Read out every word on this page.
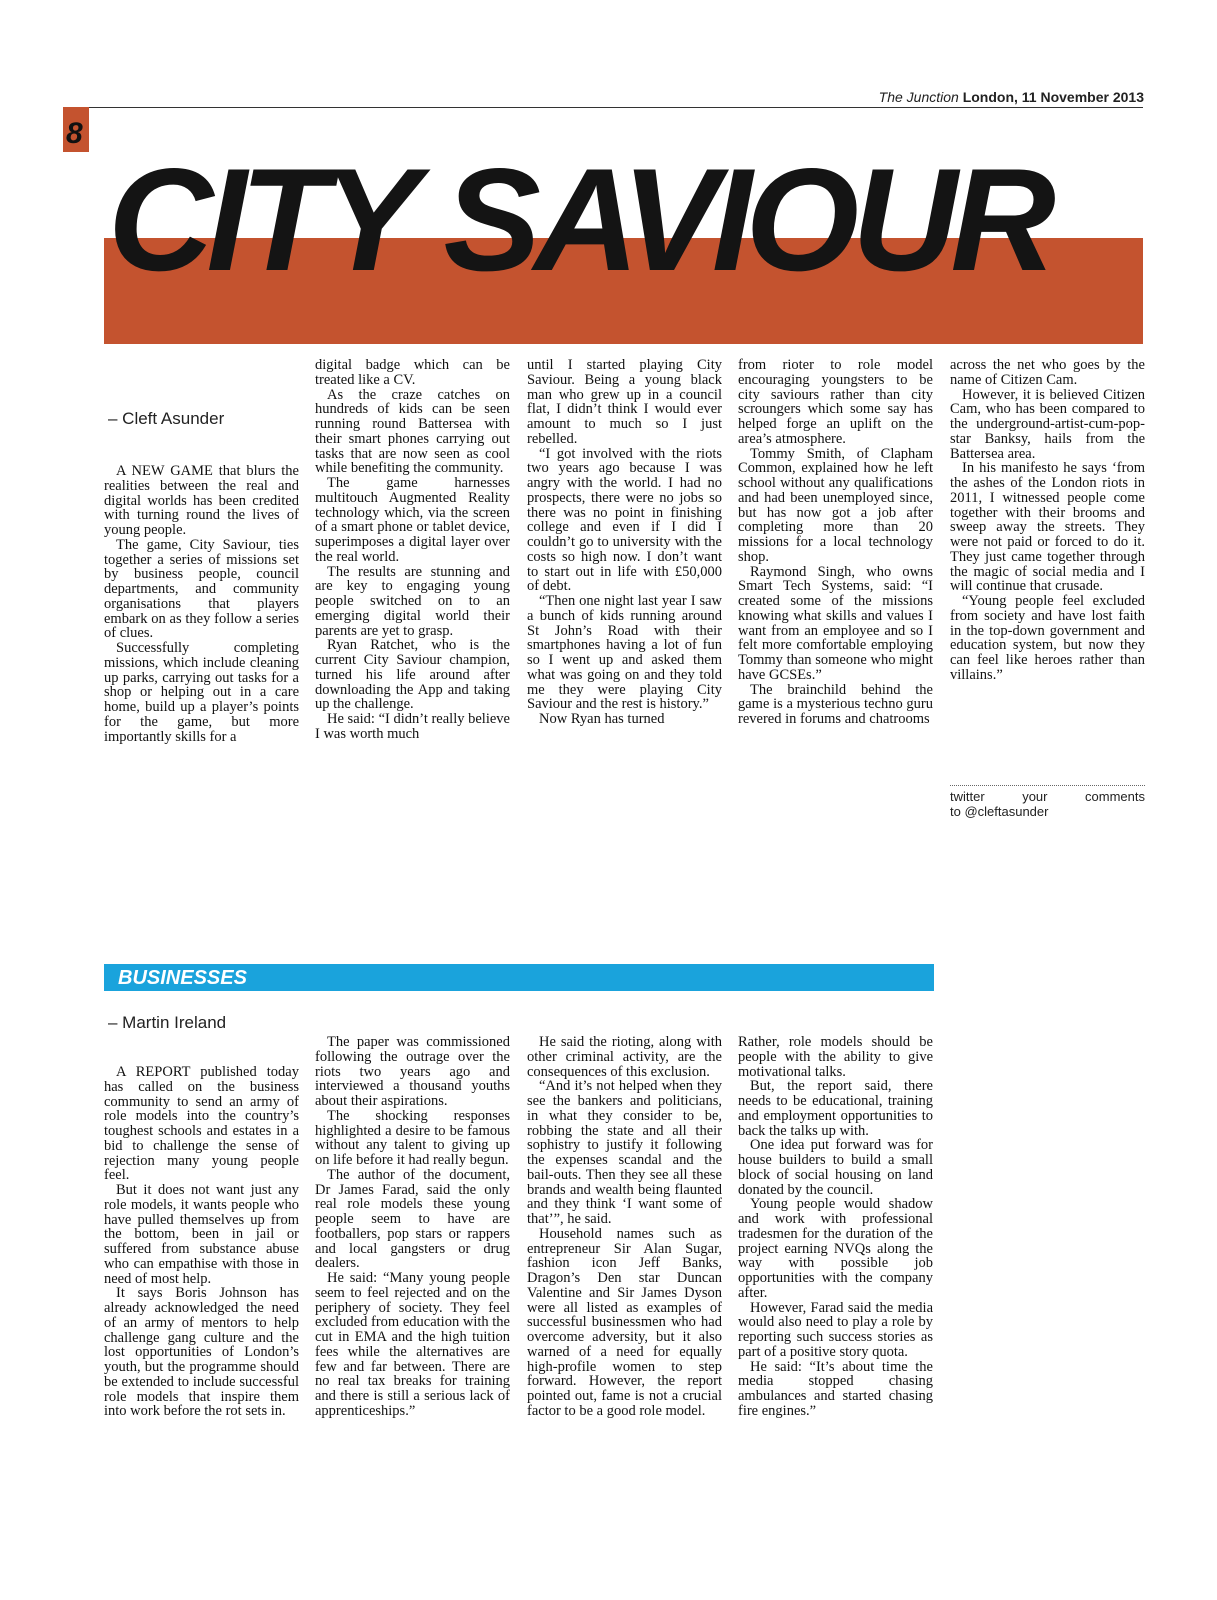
The Junction London, 11 November 2013
8
CITY SAVIOUR
– Cleft Asunder

A NEW GAME that blurs the realities between the real and digital worlds has been credited with turning round the lives of young people.

The game, City Saviour, ties together a series of missions set by business people, council departments, and community organisations that players embark on as they follow a series of clues.

Successfully completing missions, which include cleaning up parks, carrying out tasks for a shop or helping out in a care home, build up a player’s points for the game, but more importantly skills for a

digital badge which can be treated like a CV.

As the craze catches on hundreds of kids can be seen running round Battersea with their smart phones carrying out tasks that are now seen as cool while benefiting the community.

The game harnesses multitouch Augmented Reality technology which, via the screen of a smart phone or tablet device, superimposes a digital layer over the real world.

The results are stunning and are key to engaging young people switched on to an emerging digital world their parents are yet to grasp.

Ryan Ratchet, who is the current City Saviour champion, turned his life around after downloading the App and taking up the challenge.

He said: “I didn’t really believe I was worth much

until I started playing City Saviour. Being a young black man who grew up in a council flat, I didn’t think I would ever amount to much so I just rebelled.

“I got involved with the riots two years ago because I was angry with the world. I had no prospects, there were no jobs so there was no point in finishing college and even if I did I couldn’t go to university with the costs so high now. I don’t want to start out in life with £50,000 of debt.

“Then one night last year I saw a bunch of kids running around St John’s Road with their smartphones having a lot of fun so I went up and asked them what was going on and they told me they were playing City Saviour and the rest is history.”

Now Ryan has turned

from rioter to role model encouraging youngsters to be city saviours rather than city scroungers which some say has helped forge an uplift on the area’s atmosphere.

Tommy Smith, of Clapham Common, explained how he left school without any qualifications and had been unemployed since, but has now got a job after completing more than 20 missions for a local technology shop.

Raymond Singh, who owns Smart Tech Systems, said: “I created some of the missions knowing what skills and values I want from an employee and so I felt more comfortable employing Tommy than someone who might have GCSEs.”

The brainchild behind the game is a mysterious techno guru revered in forums and chatrooms

across the net who goes by the name of Citizen Cam.

However, it is believed Citizen Cam, who has been compared to the underground-artist-cum-pop-star Banksy, hails from the Battersea area.

In his manifesto he says ‘from the ashes of the London riots in 2011, I witnessed people come together with their brooms and sweep away the streets. They were not paid or forced to do it. They just came together through the magic of social media and I will continue that crusade.

“Young people feel excluded from society and have lost faith in the top-down government and education system, but now they can feel like heroes rather than villains.”

twitter your comments
to @cleftasunder
BUSINESSES
– Martin Ireland

A REPORT published today has called on the business community to send an army of role models into the country’s toughest schools and estates in a bid to challenge the sense of rejection many young people feel.

But it does not want just any role models, it wants people who have pulled themselves up from the bottom, been in jail or suffered from substance abuse who can empathise with those in need of most help.

It says Boris Johnson has already acknowledged the need of an army of mentors to help challenge gang culture and the lost opportunities of London’s youth, but the programme should be extended to include successful role models that inspire them into work before the rot sets in.

The paper was commissioned following the outrage over the riots two years ago and interviewed a thousand youths about their aspirations.

The shocking responses highlighted a desire to be famous without any talent to giving up on life before it had really begun.

The author of the document, Dr James Farad, said the only real role models these young people seem to have are footballers, pop stars or rappers and local gangsters or drug dealers.

He said: “Many young people seem to feel rejected and on the periphery of society. They feel excluded from education with the cut in EMA and the high tuition fees while the alternatives are few and far between. There are no real tax breaks for training and there is still a serious lack of apprenticeships.”

He said the rioting, along with other criminal activity, are the consequences of this exclusion.

“And it’s not helped when they see the bankers and politicians, in what they consider to be, robbing the state and all their sophistry to justify it following the expenses scandal and the bail-outs. Then they see all these brands and wealth being flaunted and they think ‘I want some of that’”, he said.

Household names such as entrepreneur Sir Alan Sugar, fashion icon Jeff Banks, Dragon’s Den star Duncan Valentine and Sir James Dyson were all listed as examples of successful businessmen who had overcome adversity, but it also warned of a need for equally high-profile women to step forward. However, the report pointed out, fame is not a crucial factor to be a good role model.

Rather, role models should be people with the ability to give motivational talks.

But, the report said, there needs to be educational, training and employment opportunities to back the talks up with.

One idea put forward was for house builders to build a small block of social housing on land donated by the council.

Young people would shadow and work with professional tradesmen for the duration of the project earning NVQs along the way with possible job opportunities with the company after.

However, Farad said the media would also need to play a role by reporting such success stories as part of a positive story quota.

He said: “It’s about time the media stopped chasing ambulances and started chasing fire engines.”
